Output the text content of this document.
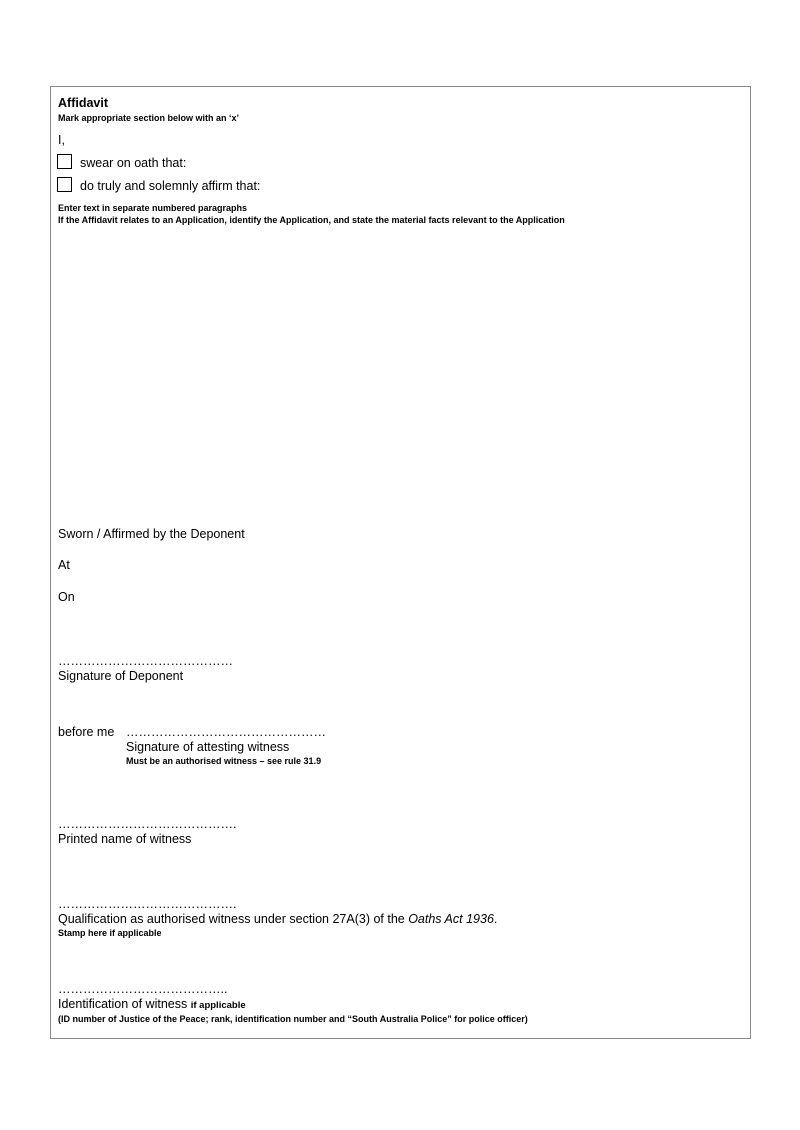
Affidavit
Mark appropriate section below with an ‘x’
I,
swear on oath that:
do truly and solemnly affirm that:
Enter text in separate numbered paragraphs
If the Affidavit relates to an Application, identify the Application, and state the material facts relevant to the Application
Sworn / Affirmed by the Deponent
At
On
……………………………………
Signature of Deponent
before me …………………………………………
Signature of attesting witness
Must be an authorised witness – see rule 31.9
…………………………………….
Printed name of witness
…………………………………….
Qualification as authorised witness under section 27A(3) of the Oaths Act 1936.
Stamp here if applicable
…………………………………..
Identification of witness if applicable
(ID number of Justice of the Peace; rank, identification number and “South Australia Police” for police officer)
